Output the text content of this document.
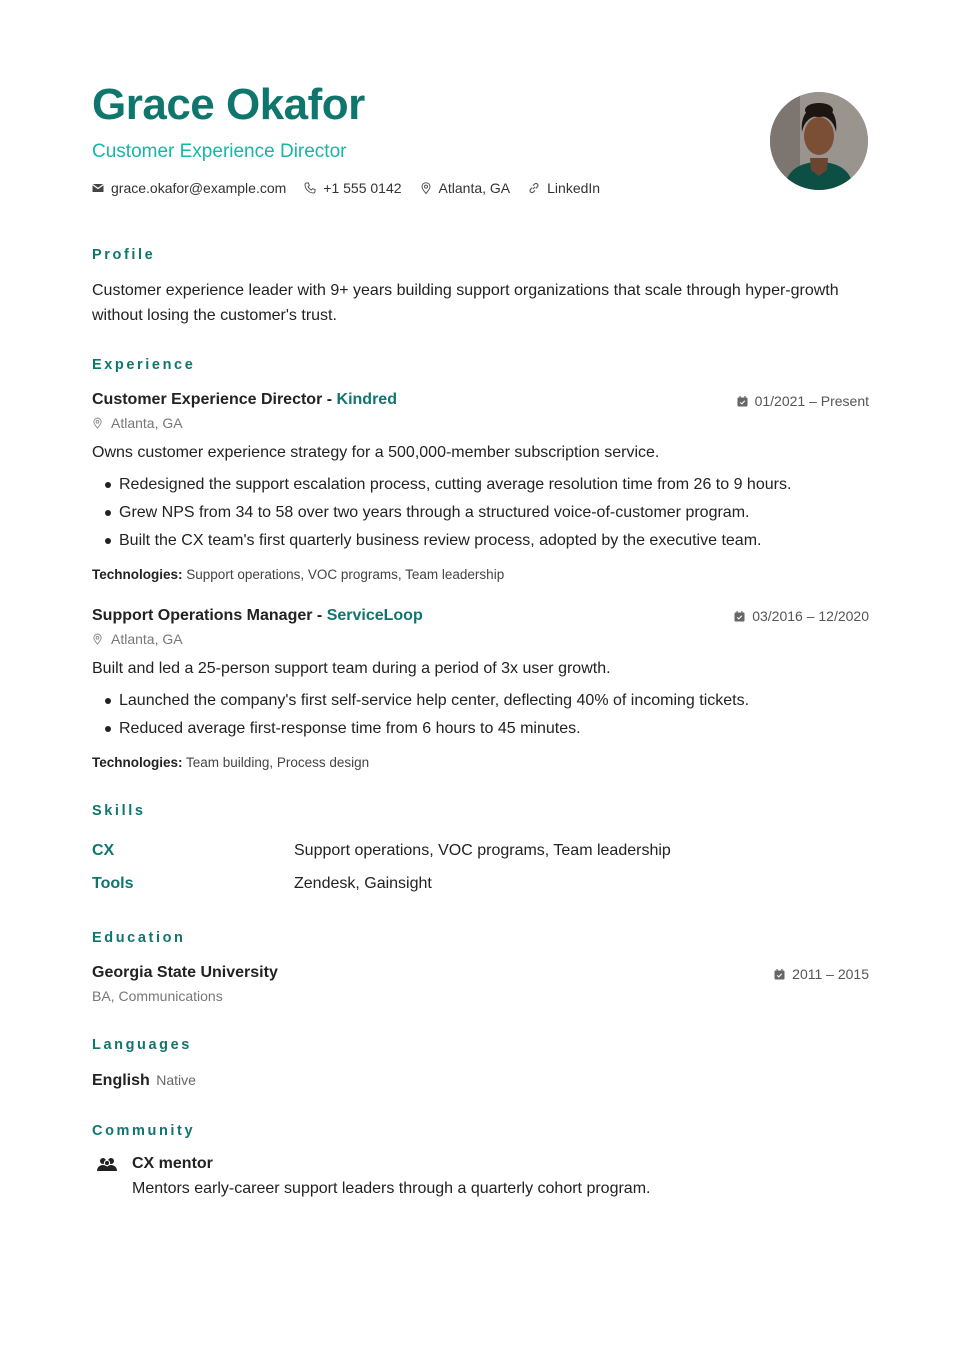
Grace Okafor
Customer Experience Director
grace.okafor@example.com	+1 555 0142	Atlanta, GA	LinkedIn
Profile
Customer experience leader with 9+ years building support organizations that scale through hyper-growth
without losing the customer's trust.
Experience
Customer Experience Director - Kindred	01/2021 – Present
Atlanta, GA
Owns customer experience strategy for a 500,000-member subscription service.
Redesigned the support escalation process, cutting average resolution time from 26 to 9 hours.
Grew NPS from 34 to 58 over two years through a structured voice-of-customer program.
Built the CX team's first quarterly business review process, adopted by the executive team.
Technologies: Support operations, VOC programs, Team leadership
Support Operations Manager - ServiceLoop	03/2016 – 12/2020
Atlanta, GA
Built and led a 25-person support team during a period of 3x user growth.
Launched the company's first self-service help center, deflecting 40% of incoming tickets.
Reduced average first-response time from 6 hours to 45 minutes.
Technologies: Team building, Process design
Skills
CX	Support operations, VOC programs, Team leadership
Tools	Zendesk, Gainsight
Education
Georgia State University	2011 – 2015
BA, Communications
Languages
English Native
Community
CX mentor
Mentors early-career support leaders through a quarterly cohort program.
